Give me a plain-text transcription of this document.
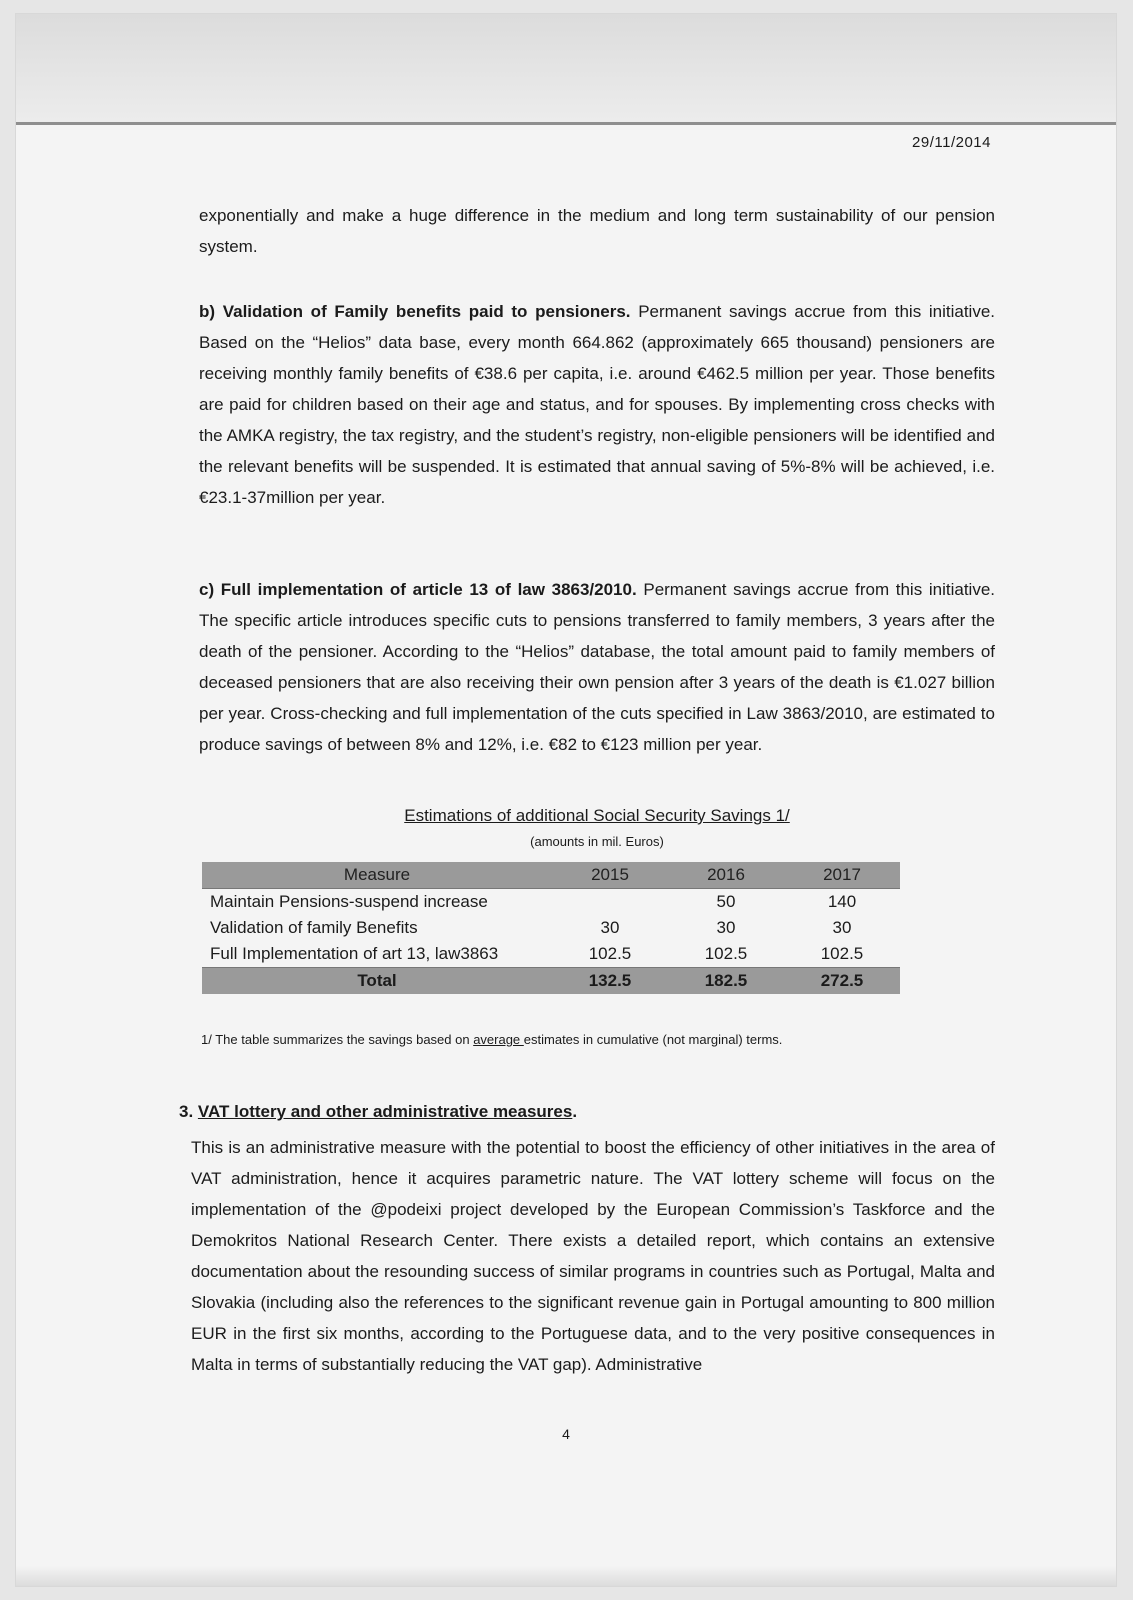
29/11/2014
exponentially and make a huge difference in the medium and long term sustainability of our pension system.
b) Validation of Family benefits paid to pensioners. Permanent savings accrue from this initiative. Based on the “Helios” data base, every month 664.862 (approximately 665 thousand) pensioners are receiving monthly family benefits of €38.6 per capita, i.e. around €462.5 million per year. Those benefits are paid for children based on their age and status, and for spouses. By implementing cross checks with the AMKA registry, the tax registry, and the student’s registry, non-eligible pensioners will be identified and the relevant benefits will be suspended. It is estimated that annual saving of 5%-8% will be achieved, i.e. €23.1-37million per year.
c) Full implementation of article 13 of law 3863/2010. Permanent savings accrue from this initiative. The specific article introduces specific cuts to pensions transferred to family members, 3 years after the death of the pensioner. According to the “Helios” database, the total amount paid to family members of deceased pensioners that are also receiving their own pension after 3 years of the death is €1.027 billion per year. Cross-checking and full implementation of the cuts specified in Law 3863/2010, are estimated to produce savings of between 8% and 12%, i.e. €82 to €123 million per year.
Estimations of additional Social Security Savings 1/
(amounts in mil. Euros)
Measure	2015	2016	2017
Maintain Pensions-suspend increase		50	140
Validation of family Benefits	30	30	30
Full Implementation of art 13, law3863	102.5	102.5	102.5
Total	132.5	182.5	272.5
1/ The table summarizes the savings based on average estimates in cumulative (not marginal) terms.
3. VAT lottery and other administrative measures.
This is an administrative measure with the potential to boost the efficiency of other initiatives in the area of VAT administration, hence it acquires parametric nature. The VAT lottery scheme will focus on the implementation of the @podeixi project developed by the European Commission’s Taskforce and the Demokritos National Research Center. There exists a detailed report, which contains an extensive documentation about the resounding success of similar programs in countries such as Portugal, Malta and Slovakia (including also the references to the significant revenue gain in Portugal amounting to 800 million EUR in the first six months, according to the Portuguese data, and to the very positive consequences in Malta in terms of substantially reducing the VAT gap). Administrative
4
